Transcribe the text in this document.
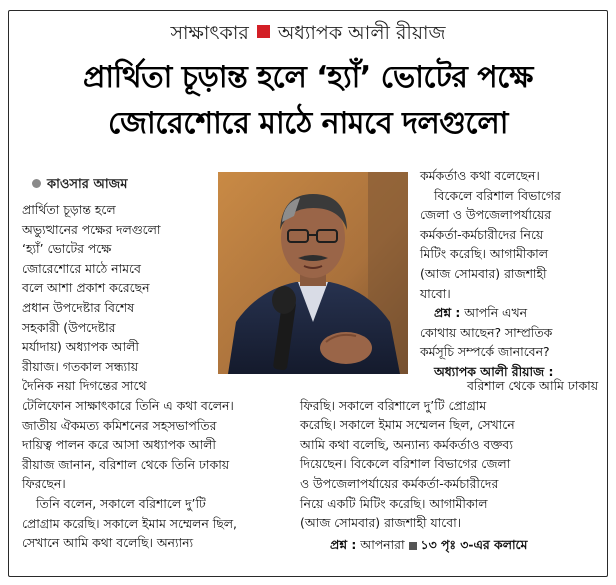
সাক্ষাৎকার অধ্যাপক আলী রীয়াজ
প্রার্থিতা চূড়ান্ত হলে ‘হ্যাঁ’ ভোটের পক্ষে
জোরেশোরে মাঠে নামবে দলগুলো
কাওসার আজম

প্রার্থিতা চূড়ান্ত হলে

অভ্যুত্থানের পক্ষের দলগুলো

‘হ্যাঁ’ ভোটের পক্ষে

জোরেশোরে মাঠে নামবে

বলে আশা প্রকাশ করেছেন

প্রধান উপদেষ্টার বিশেষ

সহকারী (উপদেষ্টার

মর্যাদায়) অধ্যাপক আলী

রীয়াজ। গতকাল সন্ধ্যায়

দৈনিক নয়া দিগন্তের সাথে

টেলিফোন সাক্ষাৎকারে তিনি এ কথা বলেন।

জাতীয় ঐকমত্য কমিশনের সহসভাপতির

দায়িত্ব পালন করে আসা অধ্যাপক আলী

রীয়াজ জানান, বরিশাল থেকে তিনি ঢাকায়

ফিরছেন।

তিনি বলেন, সকালে বরিশালে দু’টি

প্রোগ্রাম করেছি। সকালে ইমাম সম্মেলন ছিল,

সেখানে আমি কথা বলেছি। অন্যান্য

কর্মকর্তাও কথা বলেছেন।

বিকেলে বরিশাল বিভাগের

জেলা ও উপজেলাপর্যায়ের

কর্মকর্তা-কর্মচারীদের নিয়ে

মিটিং করেছি। আগামীকাল

(আজ সোমবার) রাজশাহী

যাবো।

প্রশ্ন : আপনি এখন

কোথায় আছেন? সাম্প্রতিক

কর্মসূচি সম্পর্কে জানাবেন?

অধ্যাপক আলী রীয়াজ :

বরিশাল থেকে আমি ঢাকায়

ফিরছি। সকালে বরিশালে দু’টি প্রোগ্রাম

করেছি। সকালে ইমাম সম্মেলন ছিল, সেখানে

আমি কথা বলেছি, অন্যান্য কর্মকর্তাও বক্তব্য

দিয়েছেন। বিকেলে বরিশাল বিভাগের জেলা

ও উপজেলাপর্যায়ের কর্মকর্তা-কর্মচারীদের

নিয়ে একটি মিটিং করেছি। আগামীকাল

(আজ সোমবার) রাজশাহী যাবো।

প্রশ্ন : আপনারা ১৩ পৃঃ ৩-এর কলামে
